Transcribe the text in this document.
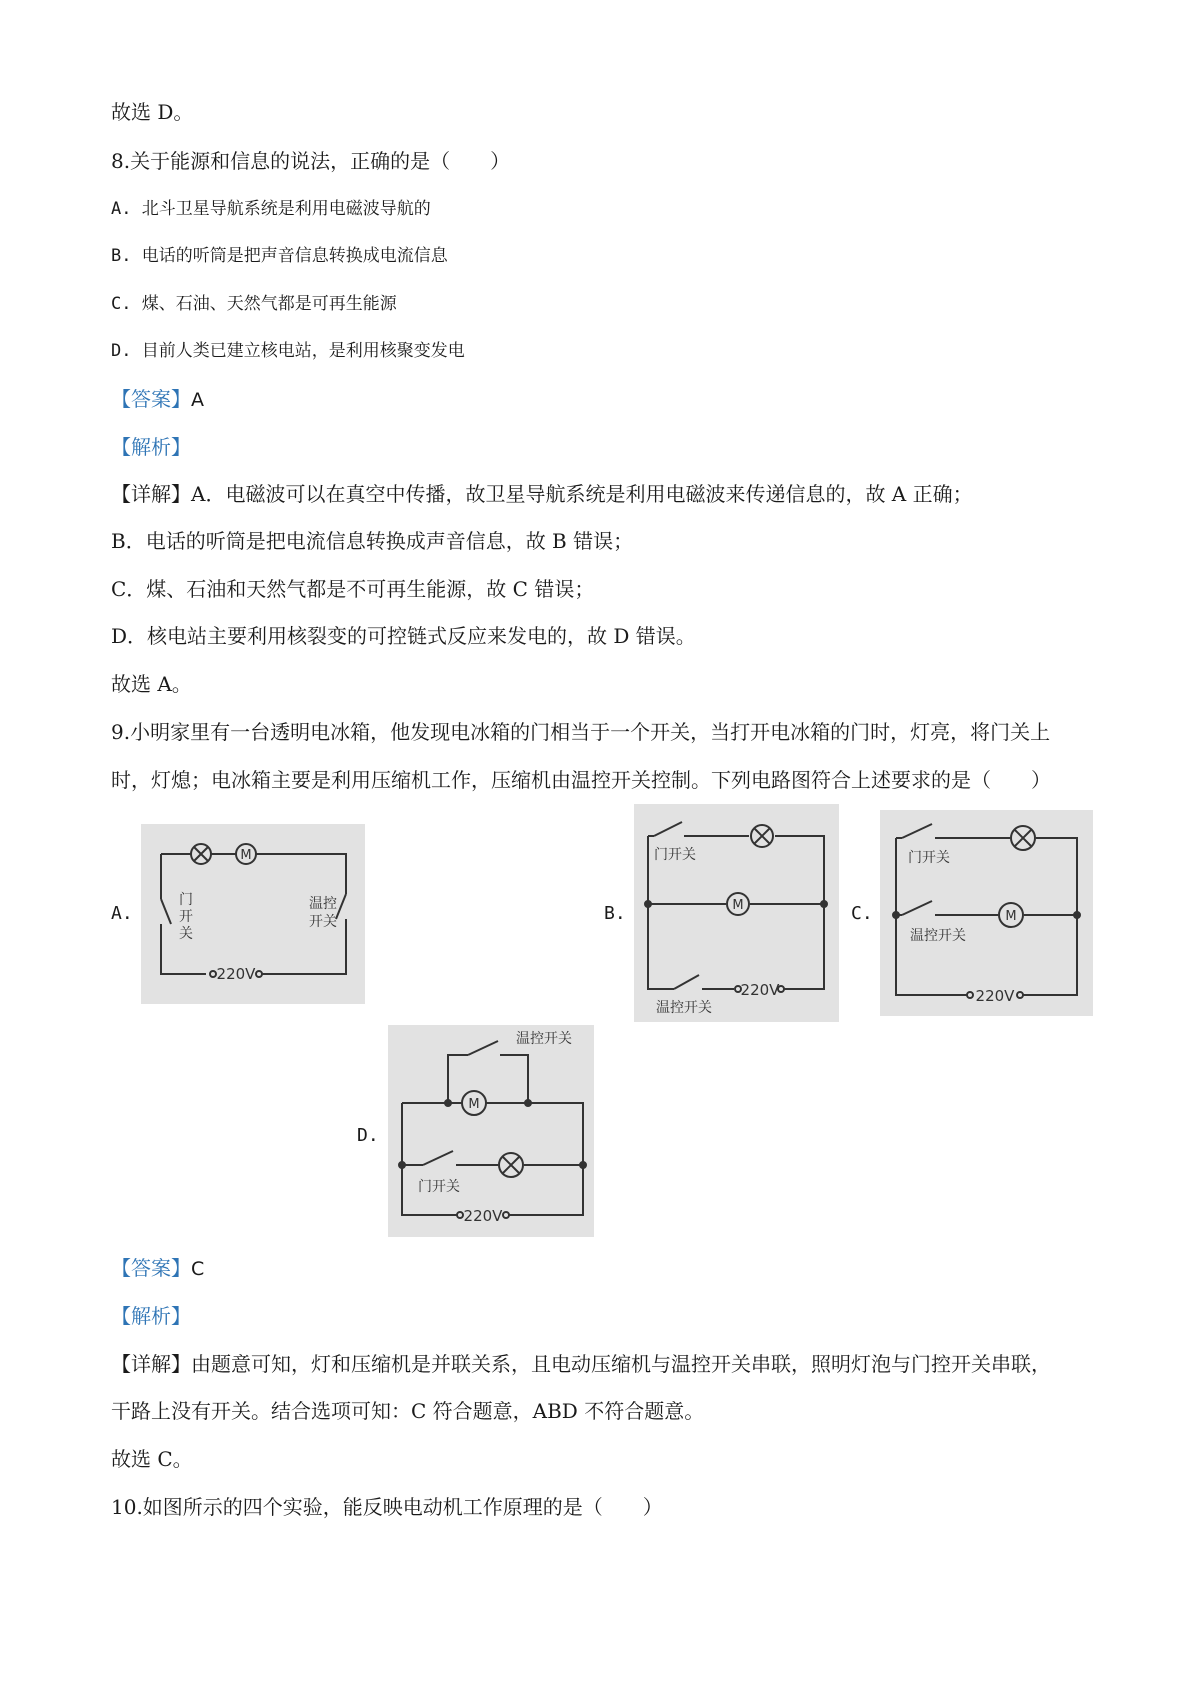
故选 D。
8.关于能源和信息的说法，正确的是（　　）
A. 北斗卫星导航系统是利用电磁波导航的
B. 电话的听筒是把声音信息转换成电流信息
C. 煤、石油、天然气都是可再生能源
D. 目前人类已建立核电站，是利用核聚变发电
【答案】A
【解析】
【详解】A．电磁波可以在真空中传播，故卫星导航系统是利用电磁波来传递信息的，故 A 正确；
B．电话的听筒是把电流信息转换成声音信息，故 B 错误；
C．煤、石油和天然气都是不可再生能源，故 C 错误；
D．核电站主要利用核裂变的可控链式反应来发电的，故 D 错误。
故选 A。
9.小明家里有一台透明电冰箱，他发现电冰箱的门相当于一个开关，当打开电冰箱的门时，灯亮，将门关上
时，灯熄；电冰箱主要是利用压缩机工作，压缩机由温控开关控制。下列电路图符合上述要求的是（　　）
A.	B.	C.
D.
M
220V
门
开
关
温控
开关
M
220V
门开关
温控开关
M
220V
门开关
温控开关
M
220V
温控开关
门开关
【答案】C
【解析】
【详解】由题意可知，灯和压缩机是并联关系，且电动压缩机与温控开关串联，照明灯泡与门控开关串联，
干路上没有开关。结合选项可知：C 符合题意，ABD 不符合题意。
故选 C。
10.如图所示的四个实验，能反映电动机工作原理的是（　　）
